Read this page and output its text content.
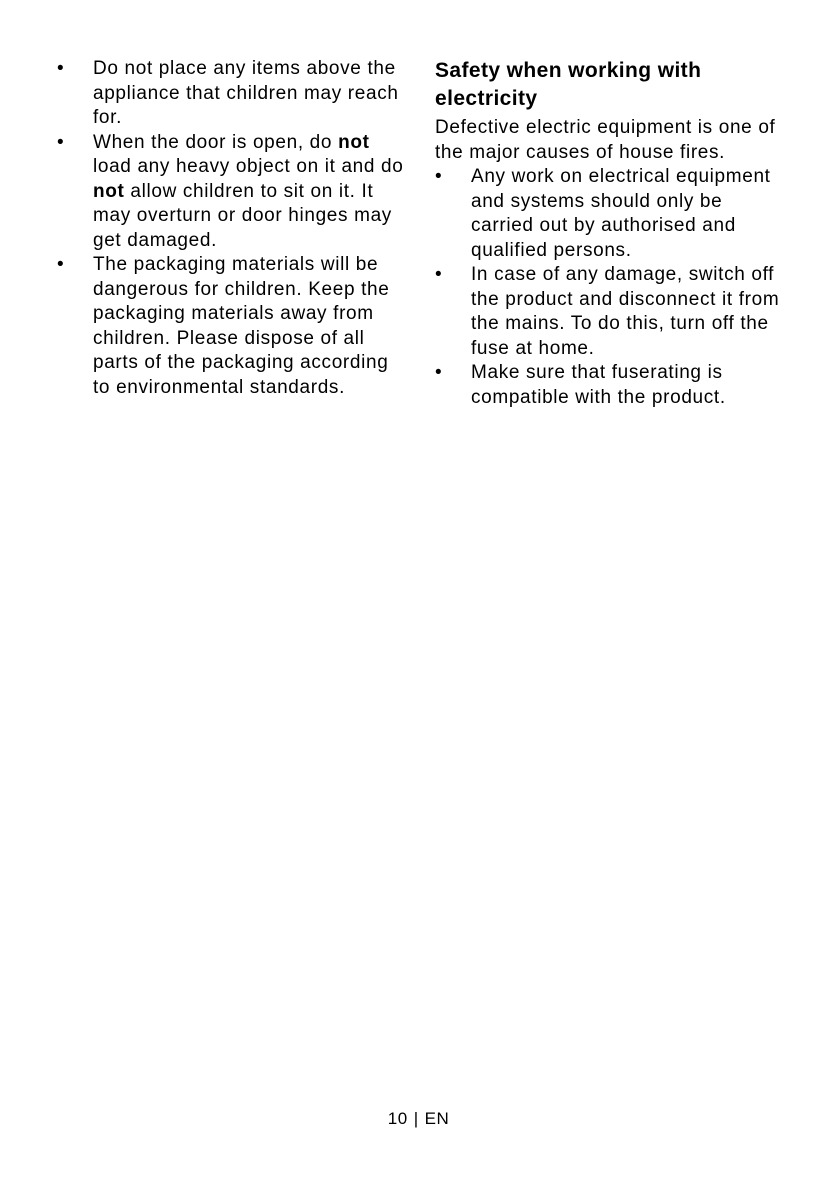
•	Do not place any items above the appliance that children may reach for.
•	When the door is open, do not load any heavy object on it and do not allow children to sit on it. It may overturn or door hinges may get damaged.
•	The packaging materials will be dangerous for children. Keep the packaging materials away from children. Please dispose of all parts of the packaging according to environmental standards.
Safety when working with electricity

Defective electric equipment is one of the major causes of house fires.

•	Any work on electrical equipment and systems should only be carried out by authorised and qualified persons.
•	In case of any damage, switch off the product and disconnect it from the mains. To do this, turn off the fuse at home.
•	Make sure that fuserating is compatible with the product.
10 | EN
